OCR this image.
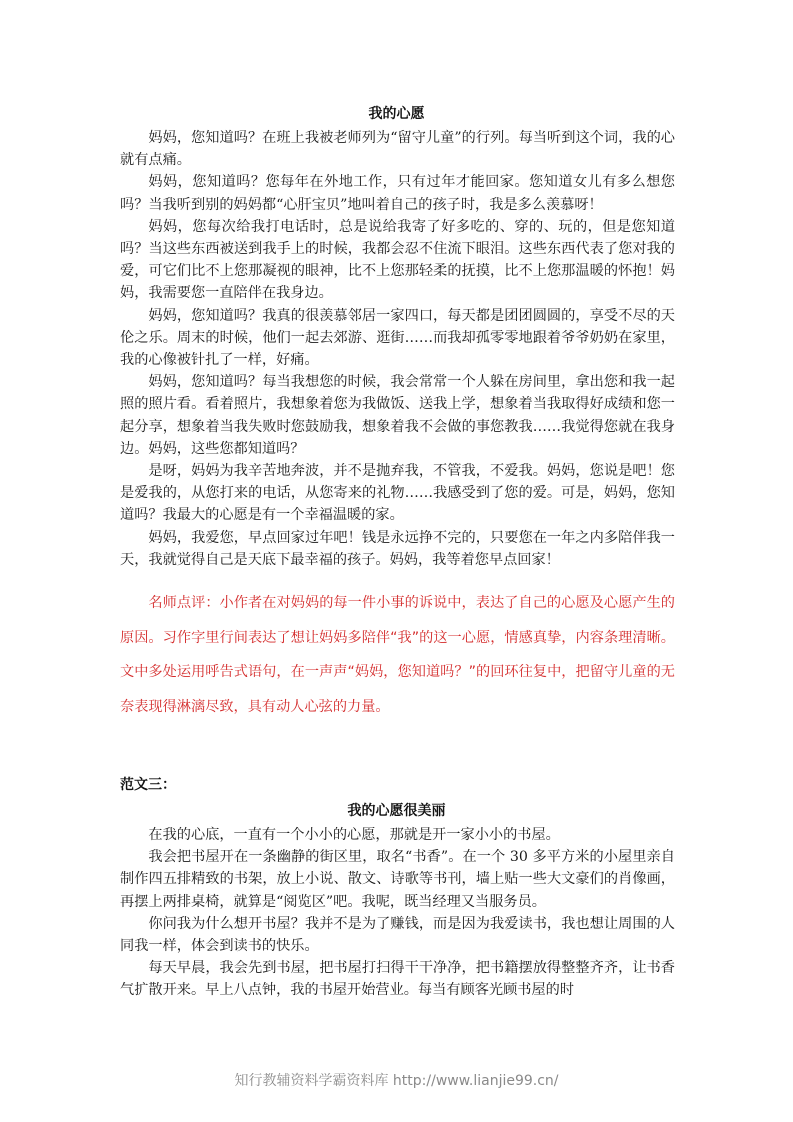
我的心愿

妈妈，您知道吗？在班上我被老师列为“留守儿童”的行列。每当听到这个词，我的心就有点痛。

妈妈，您知道吗？您每年在外地工作，只有过年才能回家。您知道女儿有多么想您吗？当我听到别的妈妈都“心肝宝贝”地叫着自己的孩子时，我是多么羡慕呀！

妈妈，您每次给我打电话时，总是说给我寄了好多吃的、穿的、玩的，但是您知道吗？当这些东西被送到我手上的时候，我都会忍不住流下眼泪。这些东西代表了您对我的爱，可它们比不上您那凝视的眼神，比不上您那轻柔的抚摸，比不上您那温暖的怀抱！妈妈，我需要您一直陪伴在我身边。

妈妈，您知道吗？我真的很羡慕邻居一家四口，每天都是团团圆圆的，享受不尽的天伦之乐。周末的时候，他们一起去郊游、逛街……而我却孤零零地跟着爷爷奶奶在家里，我的心像被针扎了一样，好痛。

妈妈，您知道吗？每当我想您的时候，我会常常一个人躲在房间里，拿出您和我一起照的照片看。看着照片，我想象着您为我做饭、送我上学，想象着当我取得好成绩和您一起分享，想象着当我失败时您鼓励我，想象着我不会做的事您教我……我觉得您就在我身边。妈妈，这些您都知道吗？

是呀，妈妈为我辛苦地奔波，并不是抛弃我，不管我，不爱我。妈妈，您说是吧！您是爱我的，从您打来的电话，从您寄来的礼物……我感受到了您的爱。可是，妈妈，您知道吗？我最大的心愿是有一个幸福温暖的家。

妈妈，我爱您，早点回家过年吧！钱是永远挣不完的，只要您在一年之内多陪伴我一天，我就觉得自己是天底下最幸福的孩子。妈妈，我等着您早点回家！

名师点评：小作者在对妈妈的每一件小事的诉说中，表达了自己的心愿及心愿产生的原因。习作字里行间表达了想让妈妈多陪伴“我”的这一心愿，情感真挚，内容条理清晰。文中多处运用呼告式语句，在一声声“妈妈，您知道吗？”的回环往复中，把留守儿童的无奈表现得淋漓尽致，具有动人心弦的力量。

范文三：
我的心愿很美丽

在我的心底，一直有一个小小的心愿，那就是开一家小小的书屋。

我会把书屋开在一条幽静的街区里，取名“书香”。在一个 30 多平方米的小屋里亲自制作四五排精致的书架，放上小说、散文、诗歌等书刊，墙上贴一些大文豪们的肖像画，再摆上两排桌椅，就算是“阅览区”吧。我呢，既当经理又当服务员。

你问我为什么想开书屋？我并不是为了赚钱，而是因为我爱读书，我也想让周围的人同我一样，体会到读书的快乐。

每天早晨，我会先到书屋，把书屋打扫得干干净净，把书籍摆放得整整齐齐，让书香气扩散开来。早上八点钟，我的书屋开始营业。每当有顾客光顾书屋的时

知行教辅资料学霸资料库 http://www.lianjie99.cn/
